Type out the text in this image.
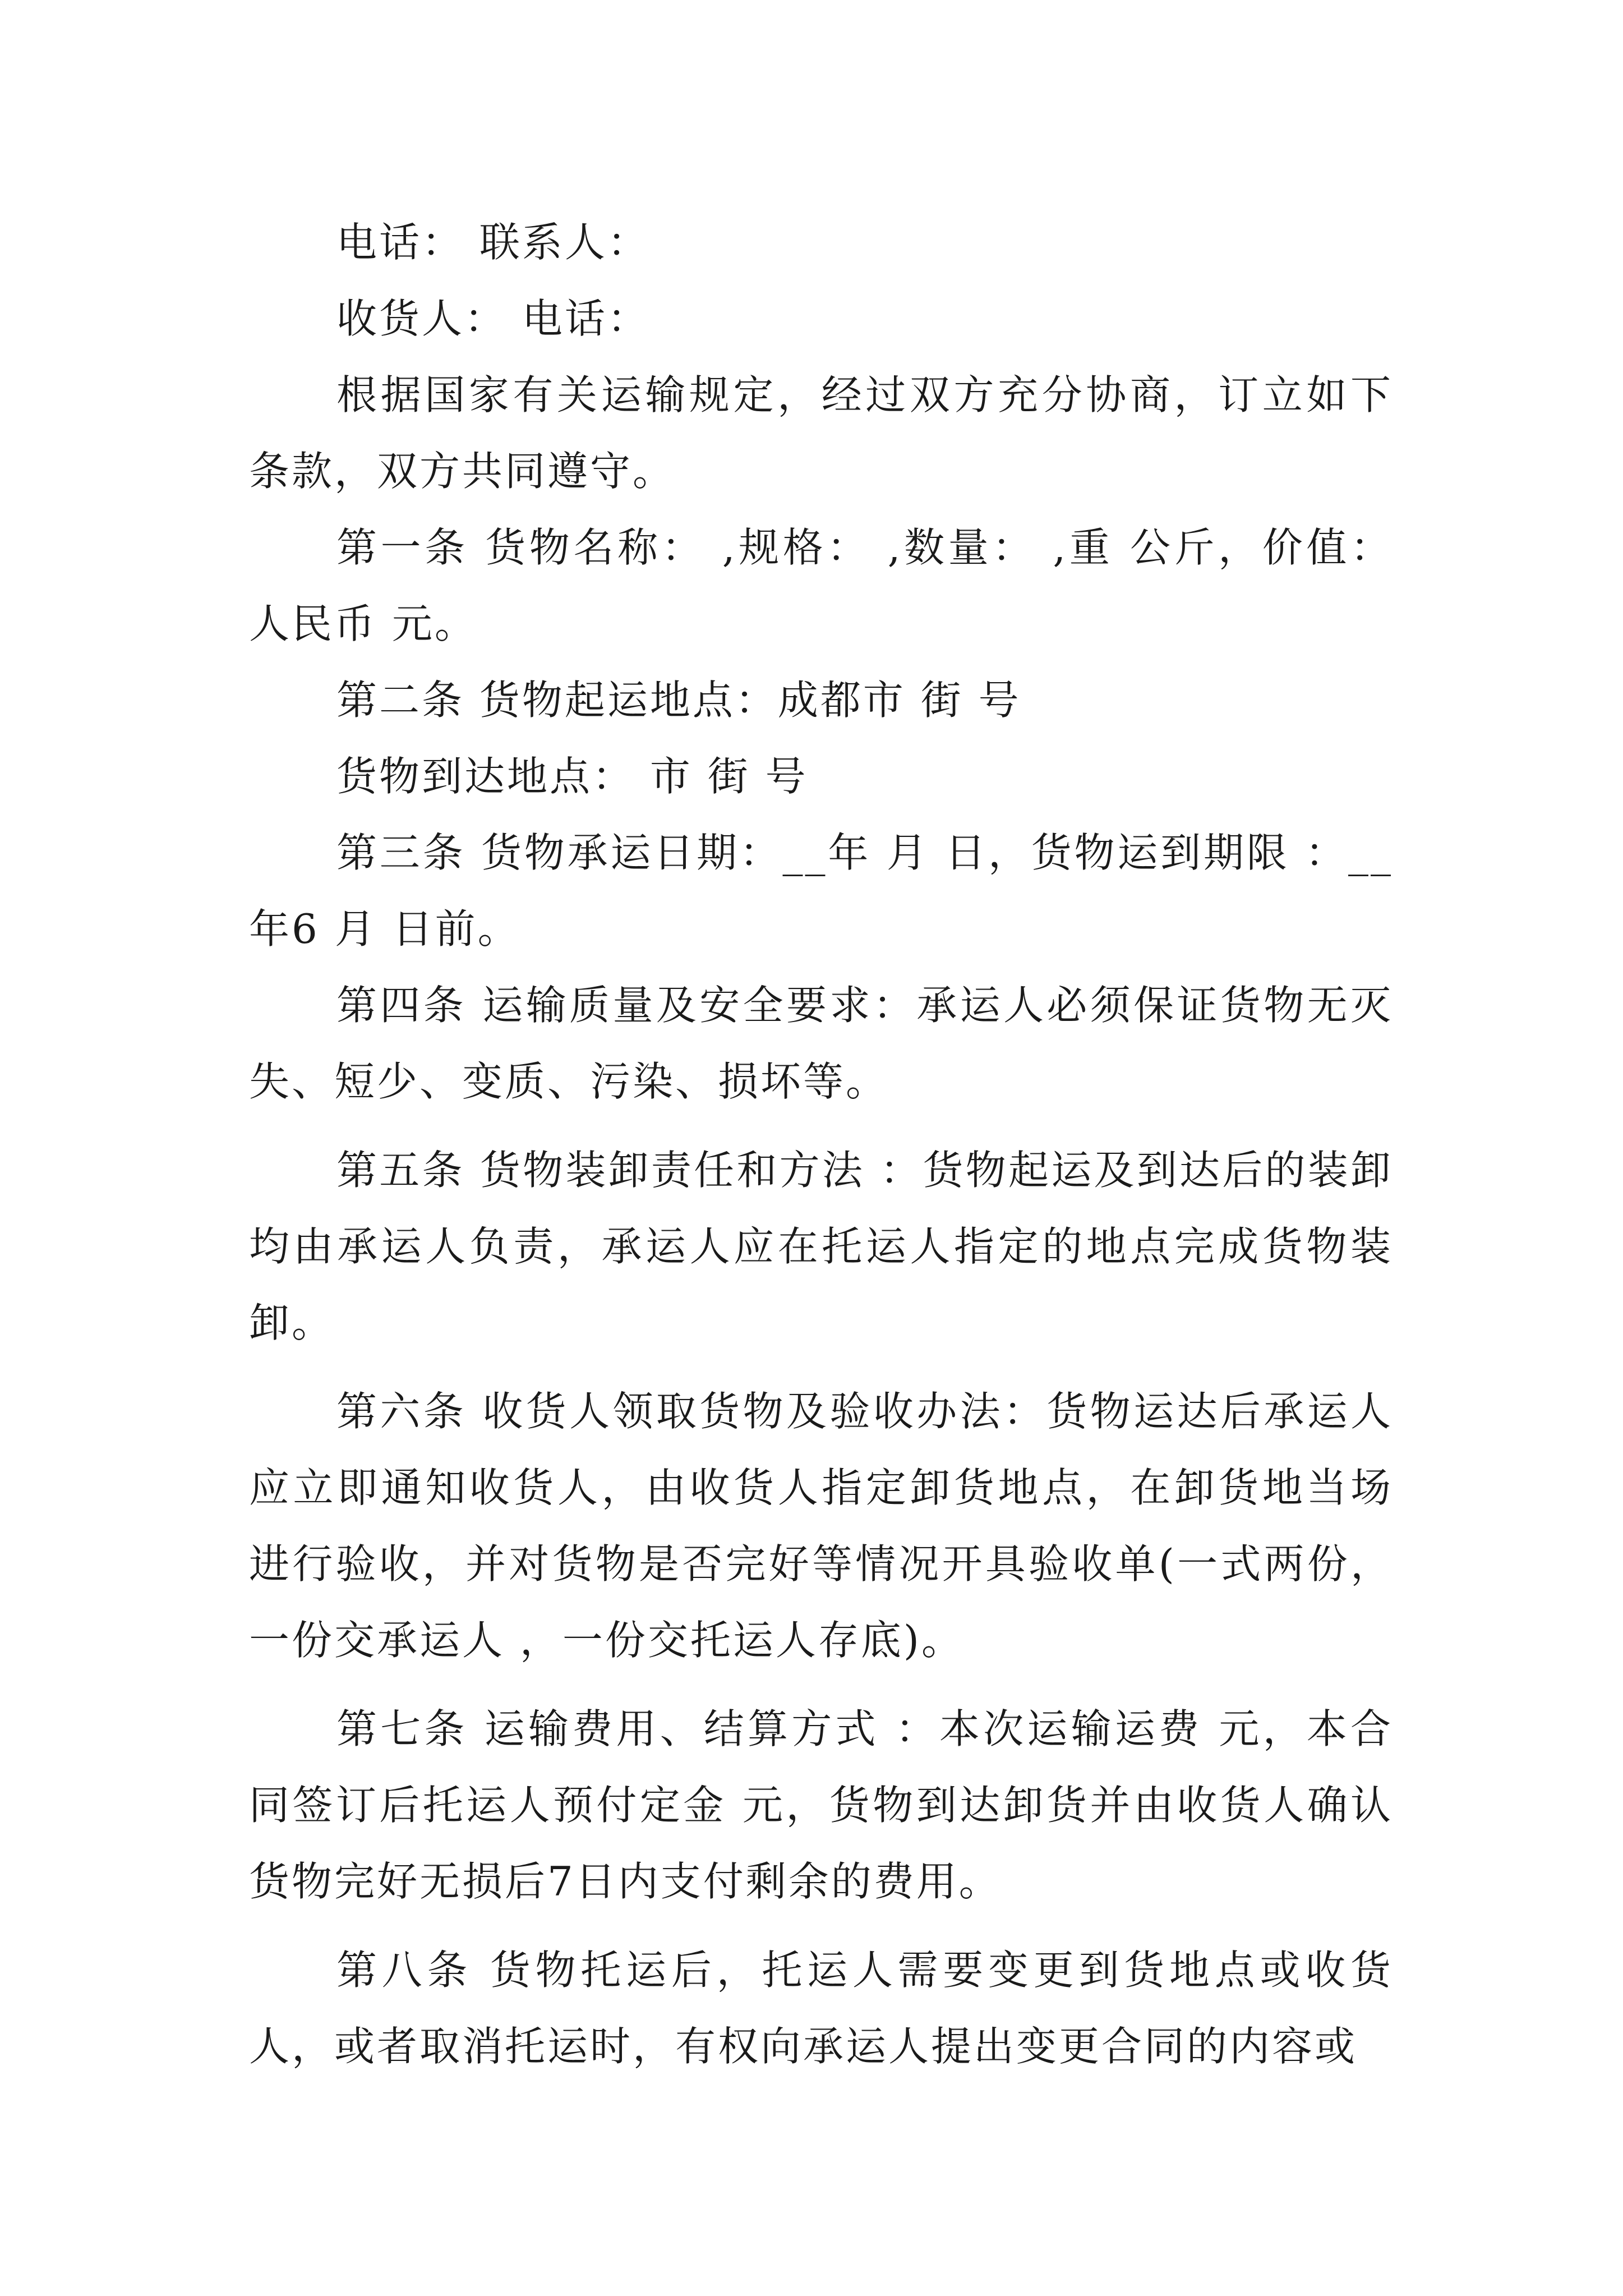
电话： 联系人：

收货人： 电话：

根据国家有关运输规定，经过双方充分协商，订立如下条款，双方共同遵守。

第一条 货物名称： ,规格： ,数量： ,重 公斤，价值：人民币 元。

第二条 货物起运地点：成都市 街 号

货物到达地点： 市 街 号

第三条 货物承运日期：__年 月 日，货物运到期限 ：__年6 月 日前。

第四条 运输质量及安全要求：承运人必须保证货物无灭失、短少、变质、污染、损坏等。

第五条 货物装卸责任和方法 ：货物起运及到达后的装卸均由承运人负责，承运人应在托运人指定的地点完成货物装卸。

第六条 收货人领取货物及验收办法：货物运达后承运人应立即通知收货人，由收货人指定卸货地点，在卸货地当场进行验收，并对货物是否完好等情况开具验收单(一式两份，一份交承运人 ，一份交托运人存底)。

第七条 运输费用、结算方式 ：本次运输运费 元，本合同签订后托运人预付定金 元，货物到达卸货并由收货人确认货物完好无损后7日内支付剩余的费用。

第八条 货物托运后，托运人需要变更到货地点或收货人，或者取消托运时，有权向承运人提出变更合同的内容或
